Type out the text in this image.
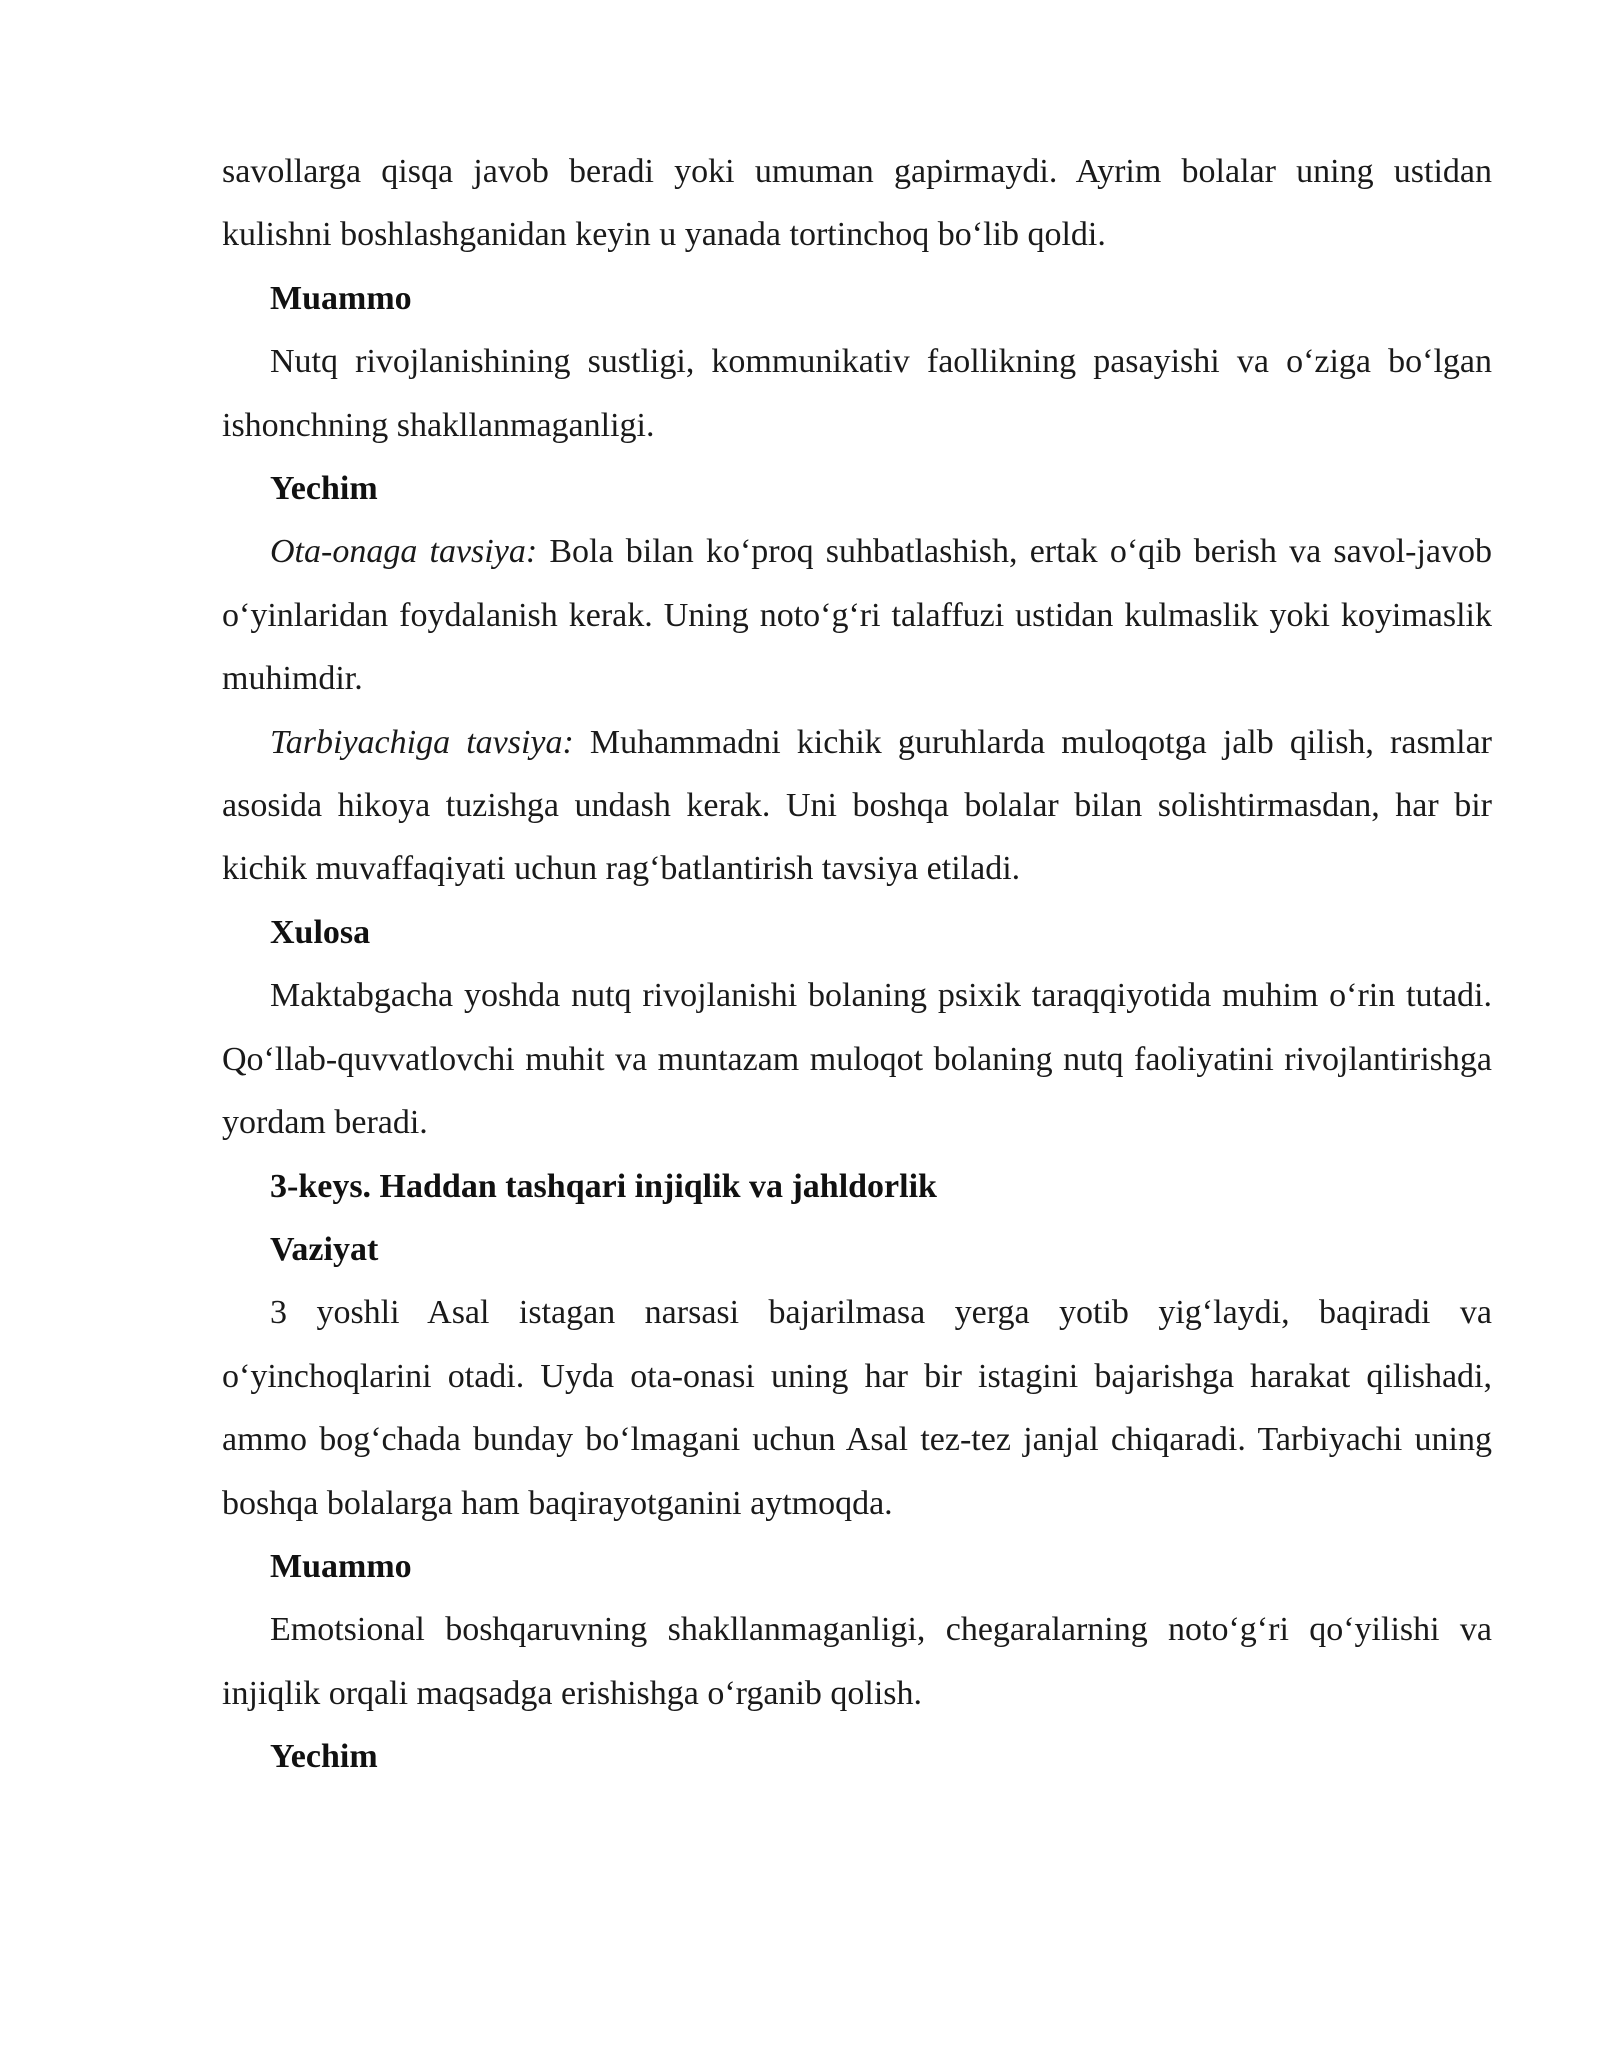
savollarga qisqa javob beradi yoki umuman gapirmaydi. Ayrim bolalar uning ustidan kulishni boshlashganidan keyin u yanada tortinchoq bo‘lib qoldi.

Muammo

Nutq rivojlanishining sustligi, kommunikativ faollikning pasayishi va o‘ziga bo‘lgan ishonchning shakllanmaganligi.

Yechim

Ota-onaga tavsiya: Bola bilan ko‘proq suhbatlashish, ertak o‘qib berish va savol-javob o‘yinlaridan foydalanish kerak. Uning noto‘g‘ri talaffuzi ustidan kulmaslik yoki koyimaslik muhimdir.

Tarbiyachiga tavsiya: Muhammadni kichik guruhlarda muloqotga jalb qilish, rasmlar asosida hikoya tuzishga undash kerak. Uni boshqa bolalar bilan solishtirmasdan, har bir kichik muvaffaqiyati uchun rag‘batlantirish tavsiya etiladi.

Xulosa

Maktabgacha yoshda nutq rivojlanishi bolaning psixik taraqqiyotida muhim o‘rin tutadi. Qo‘llab-quvvatlovchi muhit va muntazam muloqot bolaning nutq faoliyatini rivojlantirishga yordam beradi.

3-keys. Haddan tashqari injiqlik va jahldorlik

Vaziyat

3 yoshli Asal istagan narsasi bajarilmasa yerga yotib yig‘laydi, baqiradi va o‘yinchoqlarini otadi. Uyda ota-onasi uning har bir istagini bajarishga harakat qilishadi, ammo bog‘chada bunday bo‘lmagani uchun Asal tez-tez janjal chiqaradi. Tarbiyachi uning boshqa bolalarga ham baqirayotganini aytmoqda.

Muammo

Emotsional boshqaruvning shakllanmaganligi, chegaralarning noto‘g‘ri qo‘yilishi va injiqlik orqali maqsadga erishishga o‘rganib qolish.

Yechim
